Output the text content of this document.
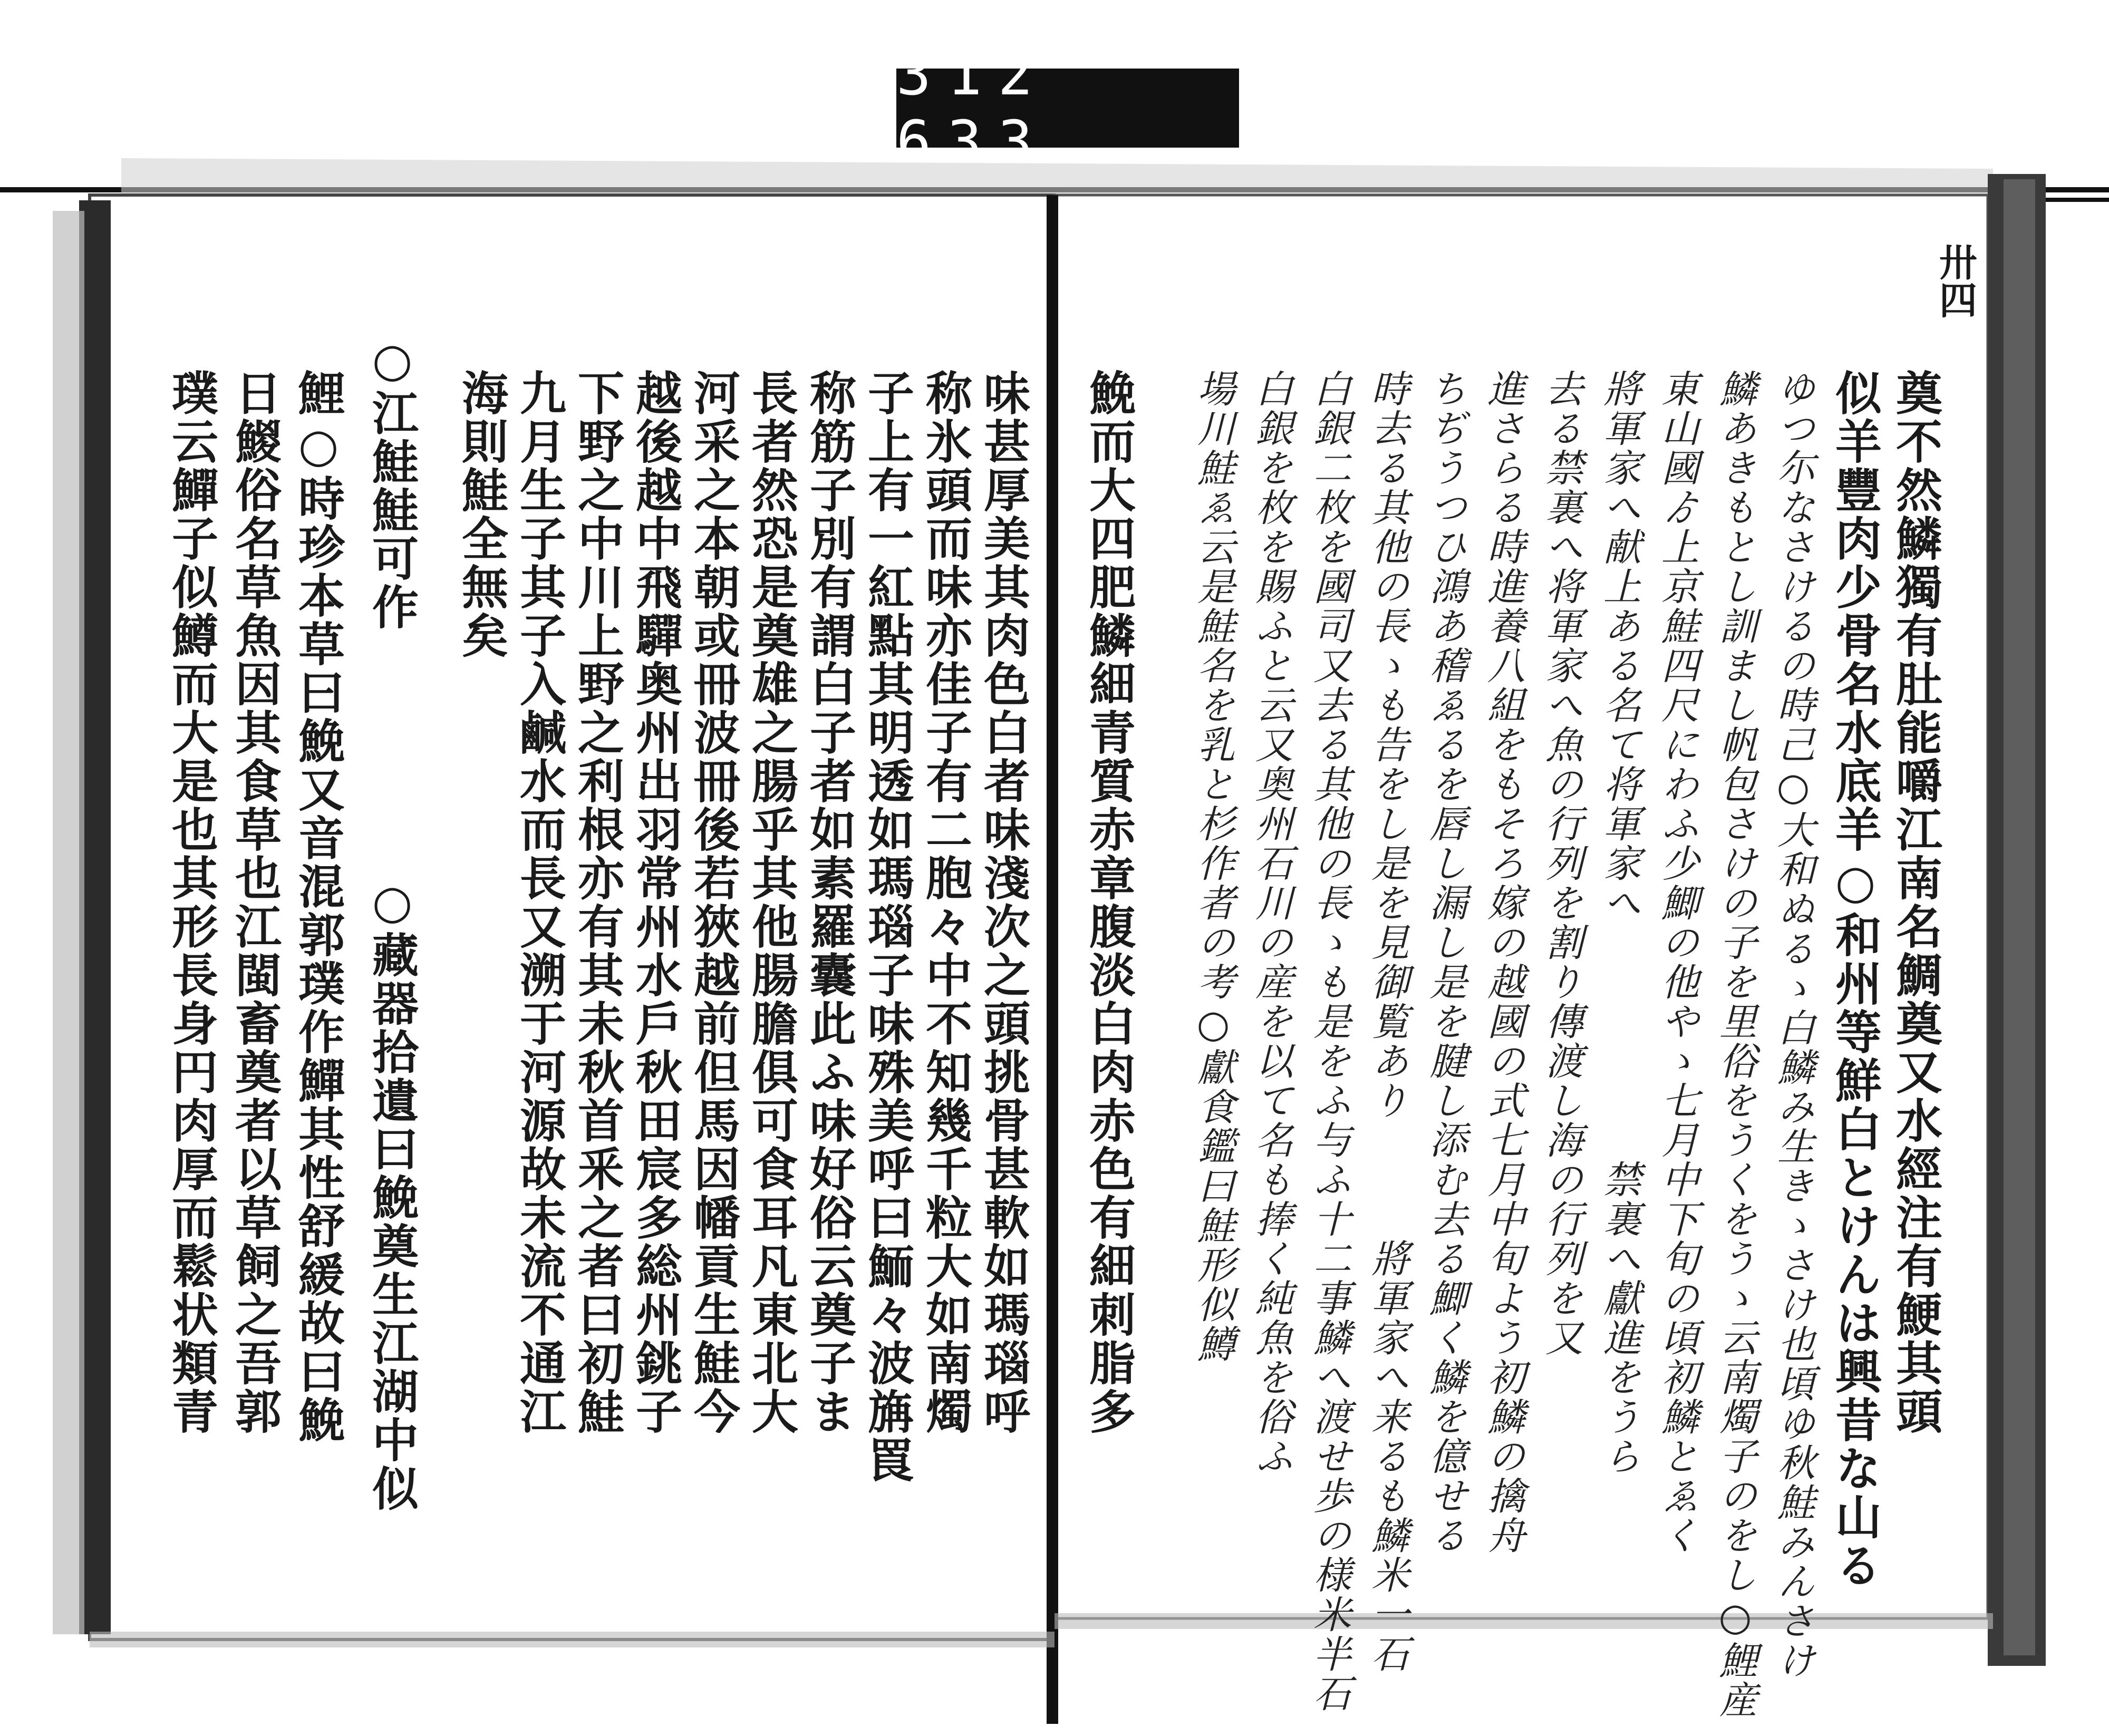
312 633.
卅四
奠不然鱗獨有肚能嚼江南名鯛奠又水經注有鯁其頭
似羊豐肉少骨名水底羊○和州等鮮白とけんは興昔な山る
ゆつ尓なさけるの時己○大和ぬるゝ白鱗み生きゝさけ也頃ゆ秋鮭みんさけ
鱗あきもとし訓まし帆包さけの子を里俗をうくをうゝ云南燭子のをし○鯉産
東山國ゟ上京鮭四尺にわふ少鯽の他やゝ七月中下旬の頃初鱗とゑく
將軍家へ献上ある名て将軍家へ　　　　　　禁裏へ獻進をうら
去る禁裏へ将軍家へ魚の行列を割り傳渡し海の行列を又
進さらる時進養八組をもそろ嫁の越國の式七月中旬よう初鱗の擒舟
ちぢうつひ鴻あ稽ゑるを唇し漏し是を腱し添む去る鯽く鱗を億せる
時去る其他の長ゝも告をし是を見御覧あり　　　將軍家へ来るも鱗米一石
白銀二枚を國司又去る其他の長ゝも是をふ与ふ十二事鱗へ渡せ歩の様米半石
白銀を枚を賜ふと云又奥州石川の産を以て名も捧く純魚を俗ふ
場川鮭ゑ云是鮭名を乳と杉作者の考○獻食鑑曰鮭形似鱒
鮸而大四肥鱗細青質赤章腹淡白肉赤色有細刺脂多
味甚厚美其肉色白者味淺次之頭挑骨甚軟如瑪瑙呼
称氷頭而味亦佳子有二胞々中不知幾千粒大如南燭
子上有一紅點其明透如瑪瑙子味殊美呼曰鮞々波㫋䍚
称筋子別有謂白子者如素羅囊此ふ味好俗云奠子ま
長者然恐是奠雄之腸乎其他腸膽俱可食耳凡東北大
河采之本朝或冊波冊後若狹越前但馬因幡貢生鮭今
越後越中飛驒奥州出羽常州水戶秋田宸多総州銚子
下野之中川上野之利根亦有其未秋首釆之者曰初鮭
九月生子其子入鹹水而長又溯于河源故未流不通江
海則鮭全無矣
○江鮭鮭可作　　　　　○藏器拾遺曰鮸奠生江湖中似
鯉○時珍本草曰鮸又音混郭璞作鱓其性舒緩故曰鮸
日鯼俗名草魚因其食草也江閩畜奠者以草飼之吾郭
璞云鱓子似鱒而大是也其形長身円肉厚而鬆状類青
